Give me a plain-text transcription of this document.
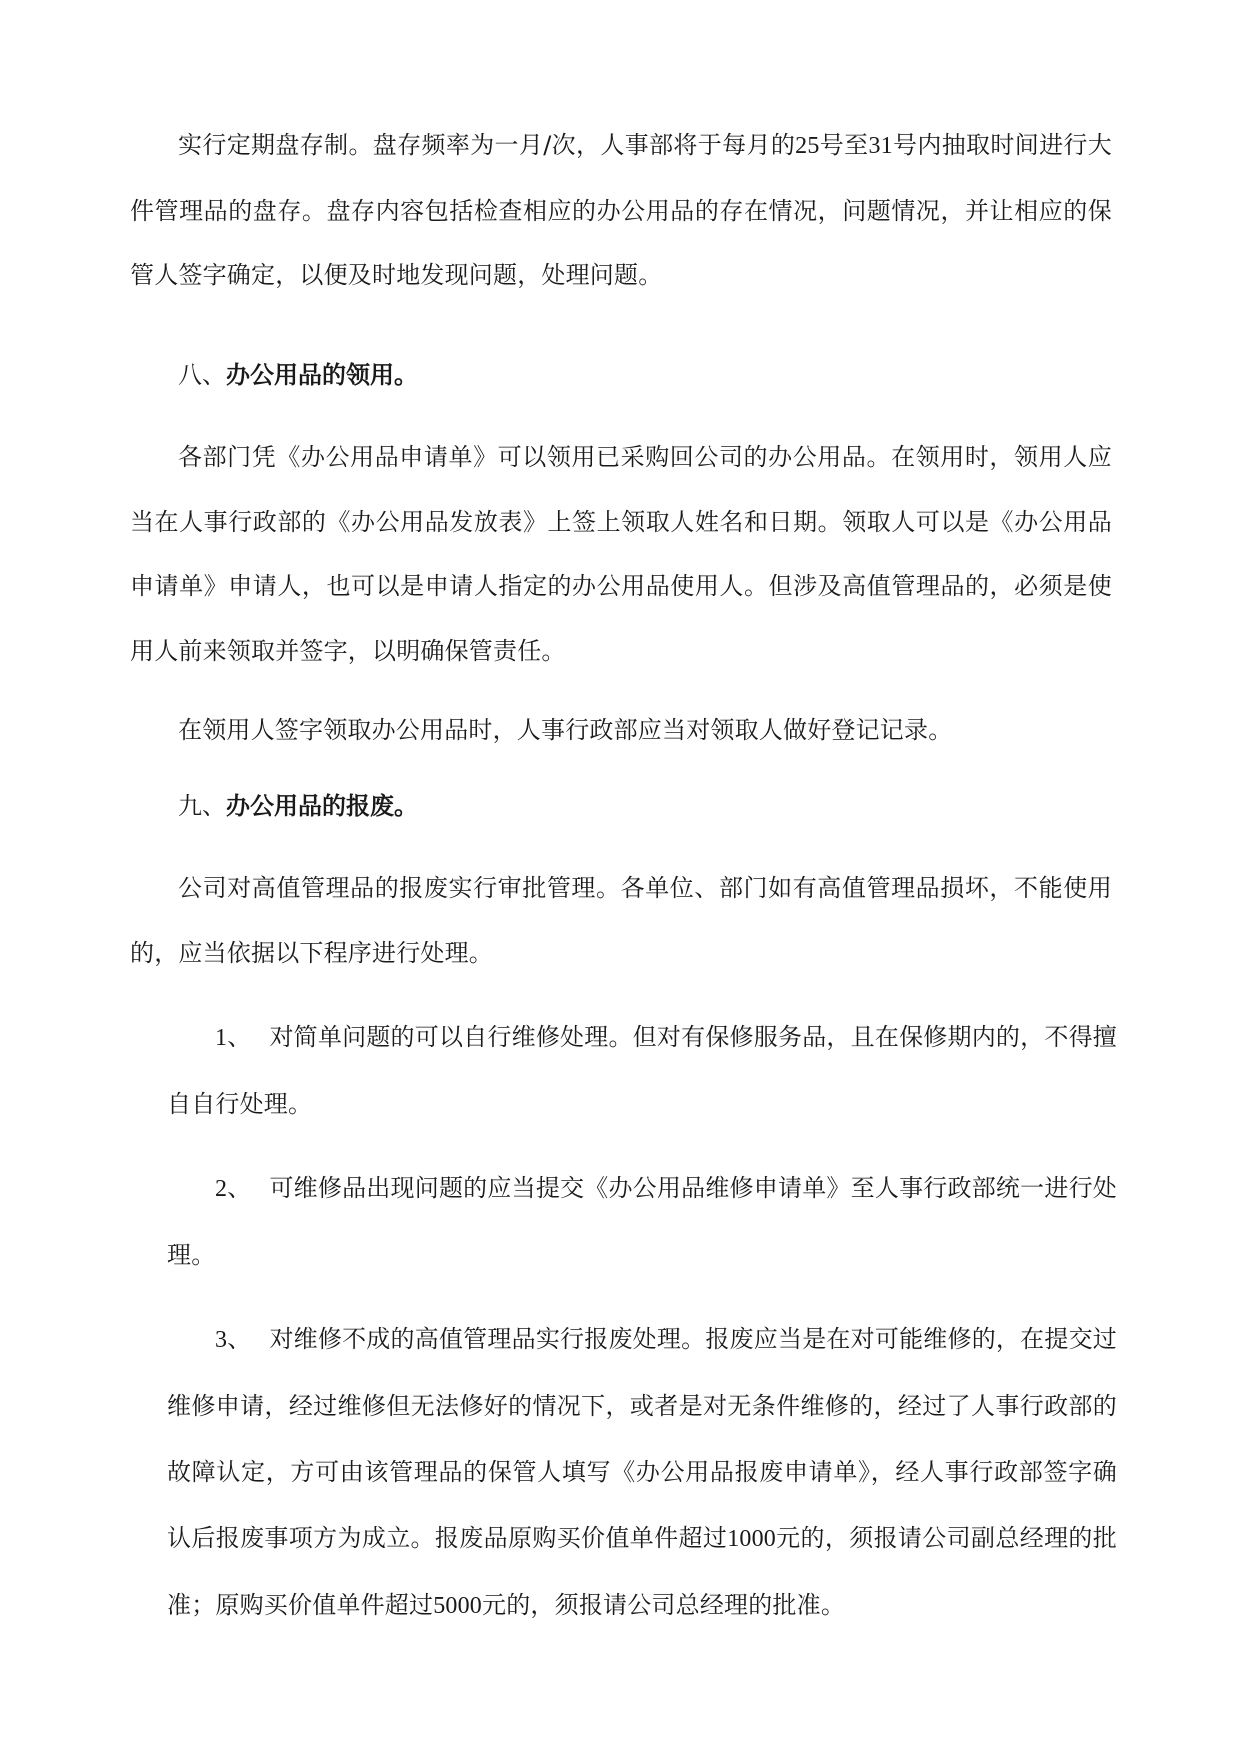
实行定期盘存制。盘存频率为一月/次，人事部将于每月的25号至31号内抽取时间进行大件管理品的盘存。盘存内容包括检查相应的办公用品的存在情况，问题情况，并让相应的保管人签字确定，以便及时地发现问题，处理问题。

八、办公用品的领用。

各部门凭《办公用品申请单》可以领用已采购回公司的办公用品。在领用时，领用人应当在人事行政部的《办公用品发放表》上签上领取人姓名和日期。领取人可以是《办公用品申请单》申请人，也可以是申请人指定的办公用品使用人。但涉及高值管理品的，必须是使用人前来领取并签字，以明确保管责任。

在领用人签字领取办公用品时，人事行政部应当对领取人做好登记记录。

九、办公用品的报废。

公司对高值管理品的报废实行审批管理。各单位、部门如有高值管理品损坏，不能使用的，应当依据以下程序进行处理。

1、 对简单问题的可以自行维修处理。但对有保修服务品，且在保修期内的，不得擅自自行处理。

2、 可维修品出现问题的应当提交《办公用品维修申请单》至人事行政部统一进行处理。

3、 对维修不成的高值管理品实行报废处理。报废应当是在对可能维修的，在提交过维修申请，经过维修但无法修好的情况下，或者是对无条件维修的，经过了人事行政部的故障认定，方可由该管理品的保管人填写《办公用品报废申请单》，经人事行政部签字确认后报废事项方为成立。报废品原购买价值单件超过1000元的，须报请公司副总经理的批准；原购买价值单件超过5000元的，须报请公司总经理的批准。
